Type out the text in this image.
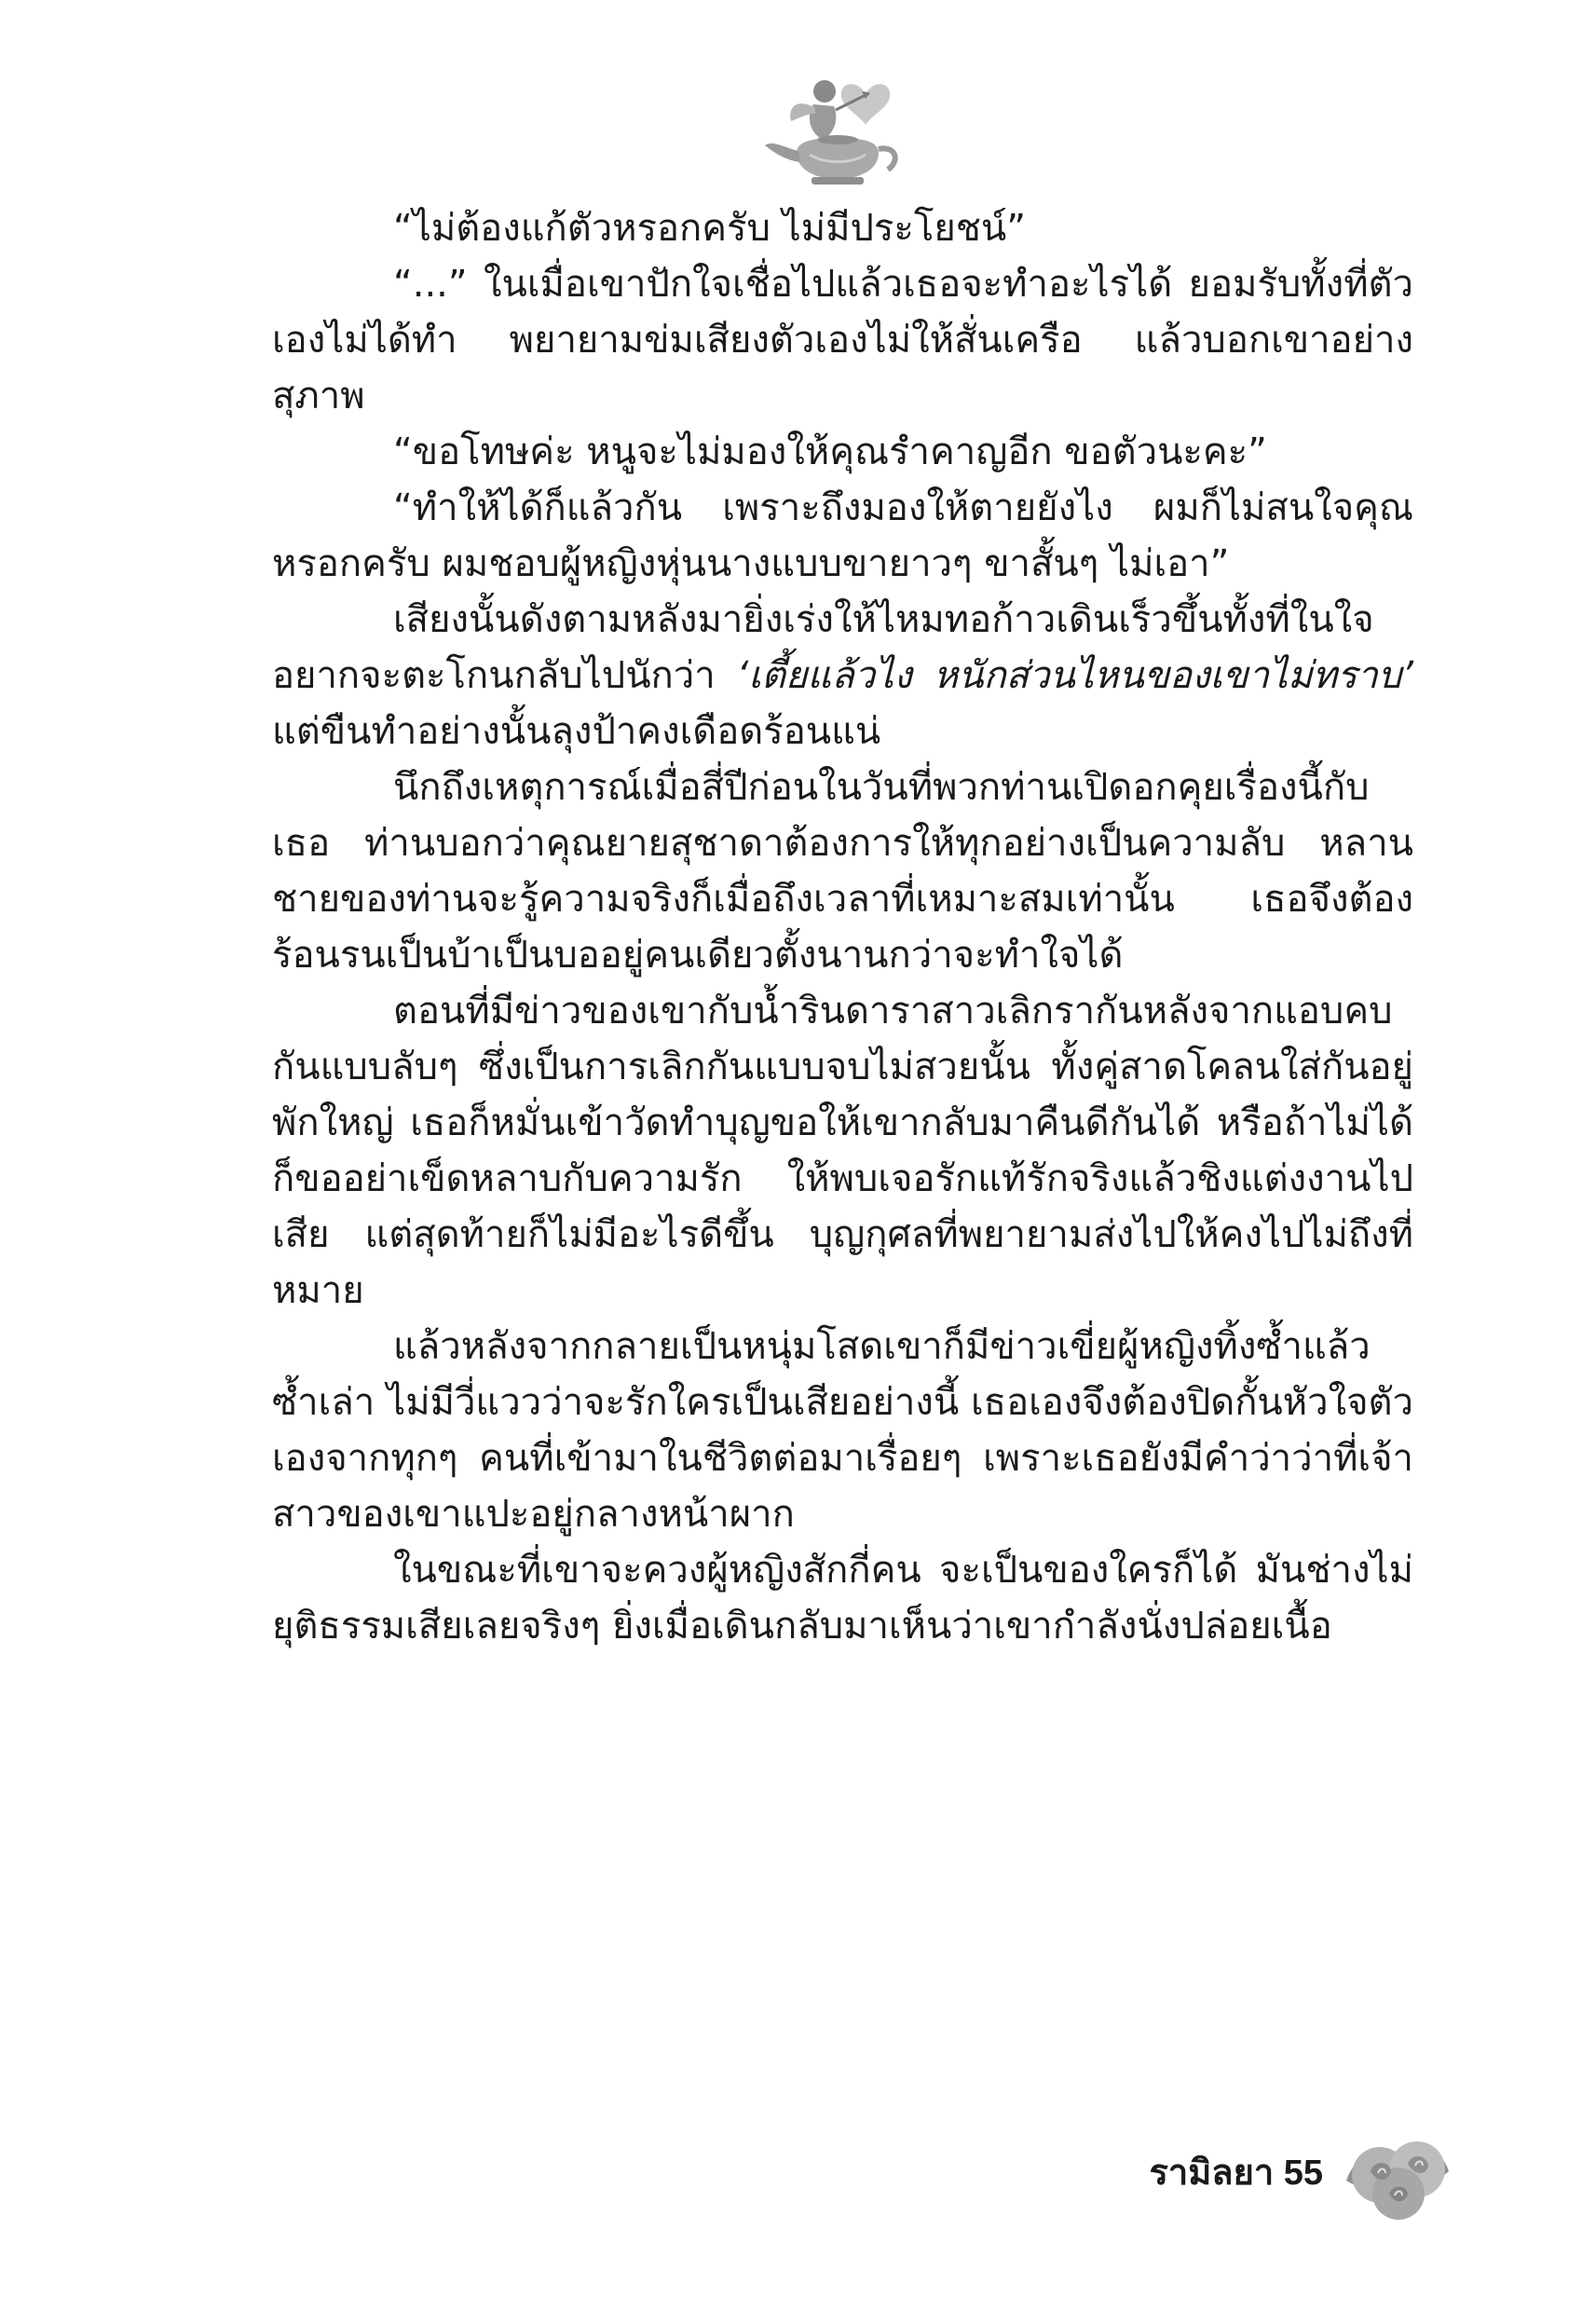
“ไม่ต้องแก้ตัวหรอกครับ ไม่มีประโยชน์”

“...” ในเมื่อเขาปักใจเชื่อไปแล้วเธอจะทำอะไรได้ ยอมรับทั้งที่ตัวเองไม่ได้ทำ พยายามข่มเสียงตัวเองไม่ให้สั่นเครือ แล้วบอกเขาอย่างสุภาพ

“ขอโทษค่ะ หนูจะไม่มองให้คุณรำคาญอีก ขอตัวนะคะ”

“ทำให้ได้ก็แล้วกัน เพราะถึงมองให้ตายยังไง ผมก็ไม่สนใจคุณหรอกครับ ผมชอบผู้หญิงหุ่นนางแบบขายาวๆ ขาสั้นๆ ไม่เอา”

เสียงนั้นดังตามหลังมายิ่งเร่งให้ไหมทอก้าวเดินเร็วขึ้นทั้งที่ในใจอยากจะตะโกนกลับไปนักว่า ‘เตี้ยแล้วไง หนักส่วนไหนของเขาไม่ทราบ’ แต่ขืนทำอย่างนั้นลุงป้าคงเดือดร้อนแน่

นึกถึงเหตุการณ์เมื่อสี่ปีก่อนในวันที่พวกท่านเปิดอกคุยเรื่องนี้กับเธอ ท่านบอกว่าคุณยายสุชาดาต้องการให้ทุกอย่างเป็นความลับ หลานชายของท่านจะรู้ความจริงก็เมื่อถึงเวลาที่เหมาะสมเท่านั้น เธอจึงต้องร้อนรนเป็นบ้าเป็นบออยู่คนเดียวตั้งนานกว่าจะทำใจได้

ตอนที่มีข่าวของเขากับน้ำรินดาราสาวเลิกรากันหลังจากแอบคบกันแบบลับๆ ซึ่งเป็นการเลิกกันแบบจบไม่สวยนั้น ทั้งคู่สาดโคลนใส่กันอยู่พักใหญ่ เธอก็หมั่นเข้าวัดทำบุญขอให้เขากลับมาคืนดีกันได้ หรือถ้าไม่ได้ก็ขออย่าเข็ดหลาบกับความรัก ให้พบเจอรักแท้รักจริงแล้วชิงแต่งงานไปเสีย แต่สุดท้ายก็ไม่มีอะไรดีขึ้น บุญกุศลที่พยายามส่งไปให้คงไปไม่ถึงที่หมาย

แล้วหลังจากกลายเป็นหนุ่มโสดเขาก็มีข่าวเขี่ยผู้หญิงทิ้งซ้ำแล้วซ้ำเล่า ไม่มีวี่แววว่าจะรักใครเป็นเสียอย่างนี้ เธอเองจึงต้องปิดกั้นหัวใจตัวเองจากทุกๆ คนที่เข้ามาในชีวิตต่อมาเรื่อยๆ เพราะเธอยังมีคำว่าว่าที่เจ้าสาวของเขาแปะอยู่กลางหน้าผาก

ในขณะที่เขาจะควงผู้หญิงสักกี่คน จะเป็นของใครก็ได้ มันช่างไม่ยุติธรรมเสียเลยจริงๆ ยิ่งเมื่อเดินกลับมาเห็นว่าเขากำลังนั่งปล่อยเนื้อ

รามิลยา 55
